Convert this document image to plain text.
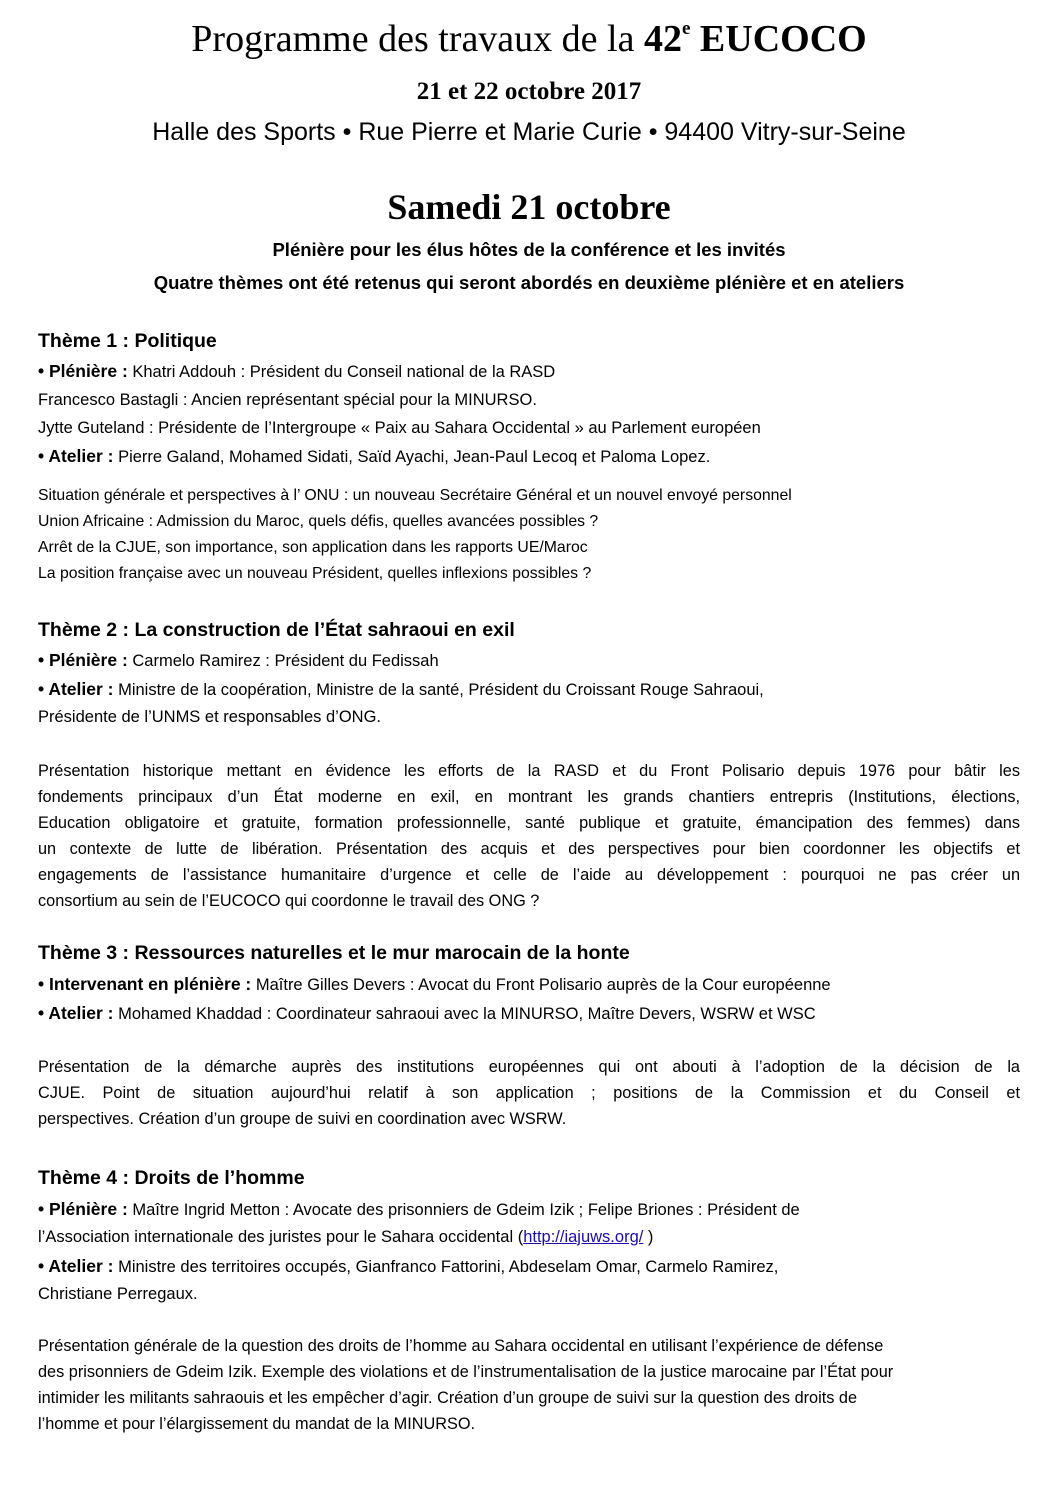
Programme des travaux de la 42e EUCOCO
21 et 22 octobre 2017
Halle des Sports • Rue Pierre et Marie Curie • 94400 Vitry-sur-Seine
Samedi 21 octobre
Plénière pour les élus hôtes de la conférence et les invités
Quatre thèmes ont été retenus qui seront abordés en deuxième plénière et en ateliers
Thème 1 : Politique
• Plénière : Khatri Addouh : Président du Conseil national de la RASD
Francesco Bastagli : Ancien représentant spécial pour la MINURSO.
Jytte Guteland : Présidente de l’Intergroupe « Paix au Sahara Occidental » au Parlement européen
• Atelier : Pierre Galand, Mohamed Sidati, Saïd Ayachi, Jean-Paul Lecoq et Paloma Lopez.
Situation générale et perspectives à l’ ONU : un nouveau Secrétaire Général et un nouvel envoyé personnel
Union Africaine : Admission du Maroc, quels défis, quelles avancées possibles ?
Arrêt de la CJUE, son importance, son application dans les rapports UE/Maroc
La position française avec un nouveau Président, quelles inflexions possibles ?
Thème 2 : La construction de l’État sahraoui en exil
• Plénière : Carmelo Ramirez : Président du Fedissah
• Atelier : Ministre de la coopération, Ministre de la santé, Président du Croissant Rouge Sahraoui,
Présidente de l’UNMS et responsables d’ONG.
Présentation historique mettant en évidence les efforts de la RASD et du Front Polisario depuis 1976 pour bâtir les
fondements principaux d’un État moderne en exil, en montrant les grands chantiers entrepris (Institutions, élections,
Education obligatoire et gratuite, formation professionnelle, santé publique et gratuite, émancipation des femmes) dans
un contexte de lutte de libération. Présentation des acquis et des perspectives pour bien coordonner les objectifs et
engagements de l’assistance humanitaire d’urgence et celle de l’aide au développement : pourquoi ne pas créer un
consortium au sein de l’EUCOCO qui coordonne le travail des ONG ?
Thème 3 : Ressources naturelles et le mur marocain de la honte
• Intervenant en plénière : Maître Gilles Devers : Avocat du Front Polisario auprès de la Cour européenne
• Atelier : Mohamed Khaddad : Coordinateur sahraoui avec la MINURSO, Maître Devers, WSRW et WSC
Présentation de la démarche auprès des institutions européennes qui ont abouti à l’adoption de la décision de la
CJUE. Point de situation aujourd’hui relatif à son application ; positions de la Commission et du Conseil et
perspectives. Création d’un groupe de suivi en coordination avec WSRW.
Thème 4 : Droits de l’homme
• Plénière : Maître Ingrid Metton : Avocate des prisonniers de Gdeim Izik ; Felipe Briones : Président de
l’Association internationale des juristes pour le Sahara occidental (http://iajuws.org/ )
• Atelier : Ministre des territoires occupés, Gianfranco Fattorini, Abdeselam Omar, Carmelo Ramirez,
Christiane Perregaux.
Présentation générale de la question des droits de l’homme au Sahara occidental en utilisant l’expérience de défense
des prisonniers de Gdeim Izik. Exemple des violations et de l’instrumentalisation de la justice marocaine par l’État pour
intimider les militants sahraouis et les empêcher d’agir. Création d’un groupe de suivi sur la question des droits de
l’homme et pour l’élargissement du mandat de la MINURSO.
